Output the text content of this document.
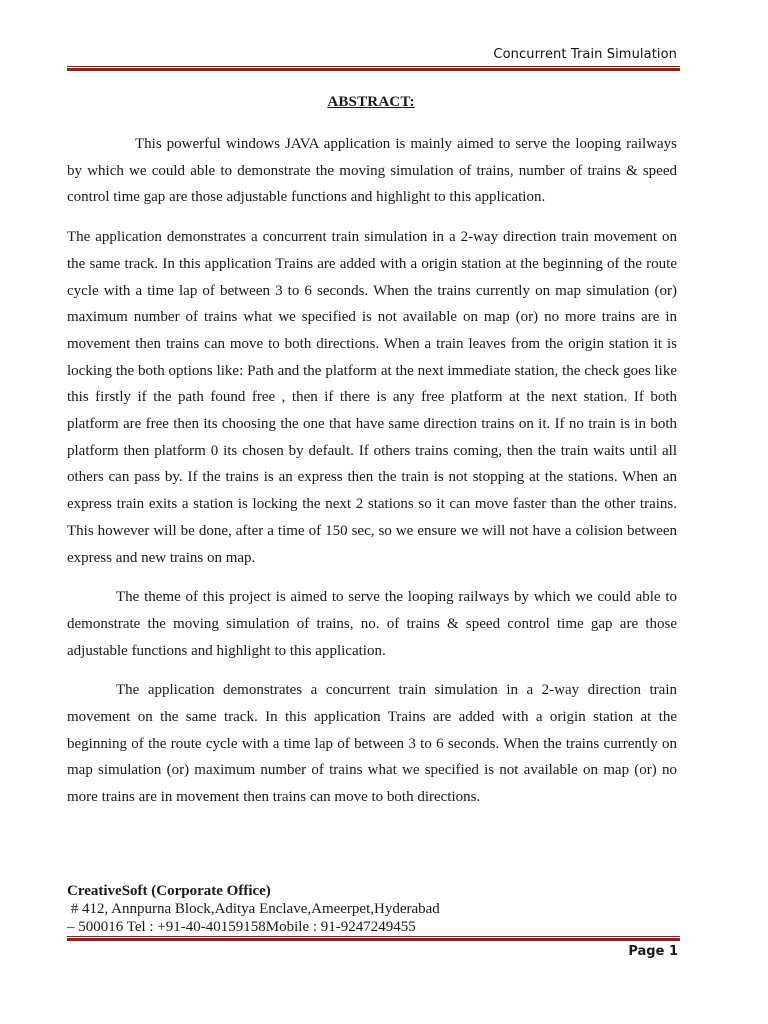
Concurrent Train Simulation
ABSTRACT:

This powerful windows JAVA application is mainly aimed to serve the looping railways by which we could able to demonstrate the moving simulation of trains, number of trains & speed control time gap are those adjustable functions and highlight to this application.

The application demonstrates a concurrent train simulation in a 2-way direction train movement on the same track. In this application Trains are added with a origin station at the beginning of the route cycle with a time lap of between 3 to 6 seconds. When the trains currently on map simulation (or) maximum number of trains what we specified is not available on map (or) no more trains are in movement then trains can move to both directions. When a train leaves from the origin station it is locking the both options like: Path and the platform at the next immediate station, the check goes like this firstly if the path found free , then if there is any free platform at the next station. If both platform are free then its choosing the one that have same direction trains on it. If no train is in both platform then platform 0 its chosen by default. If others trains coming, then the train waits until all others can pass by. If the trains is an express then the train is not stopping at the stations. When an express train exits a station is locking the next 2 stations so it can move faster than the other trains. This however will be done, after a time of 150 sec, so we ensure we will not have a colision between express and new trains on map.

The theme of this project is aimed to serve the looping railways by which we could able to demonstrate the moving simulation of trains, no. of trains & speed control time gap are those adjustable functions and highlight to this application.

The application demonstrates a concurrent train simulation in a 2-way direction train movement on the same track. In this application Trains are added with a origin station at the beginning of the route cycle with a time lap of between 3 to 6 seconds. When the trains currently on map simulation (or) maximum number of trains what we specified is not available on map (or) no more trains are in movement then trains can move to both directions.

CreativeSoft (Corporate Office)
# 412, Annpurna Block,Aditya Enclave,Ameerpet,Hyderabad
– 500016 Tel : +91-40-40159158Mobile : 91-9247249455
Page 1
